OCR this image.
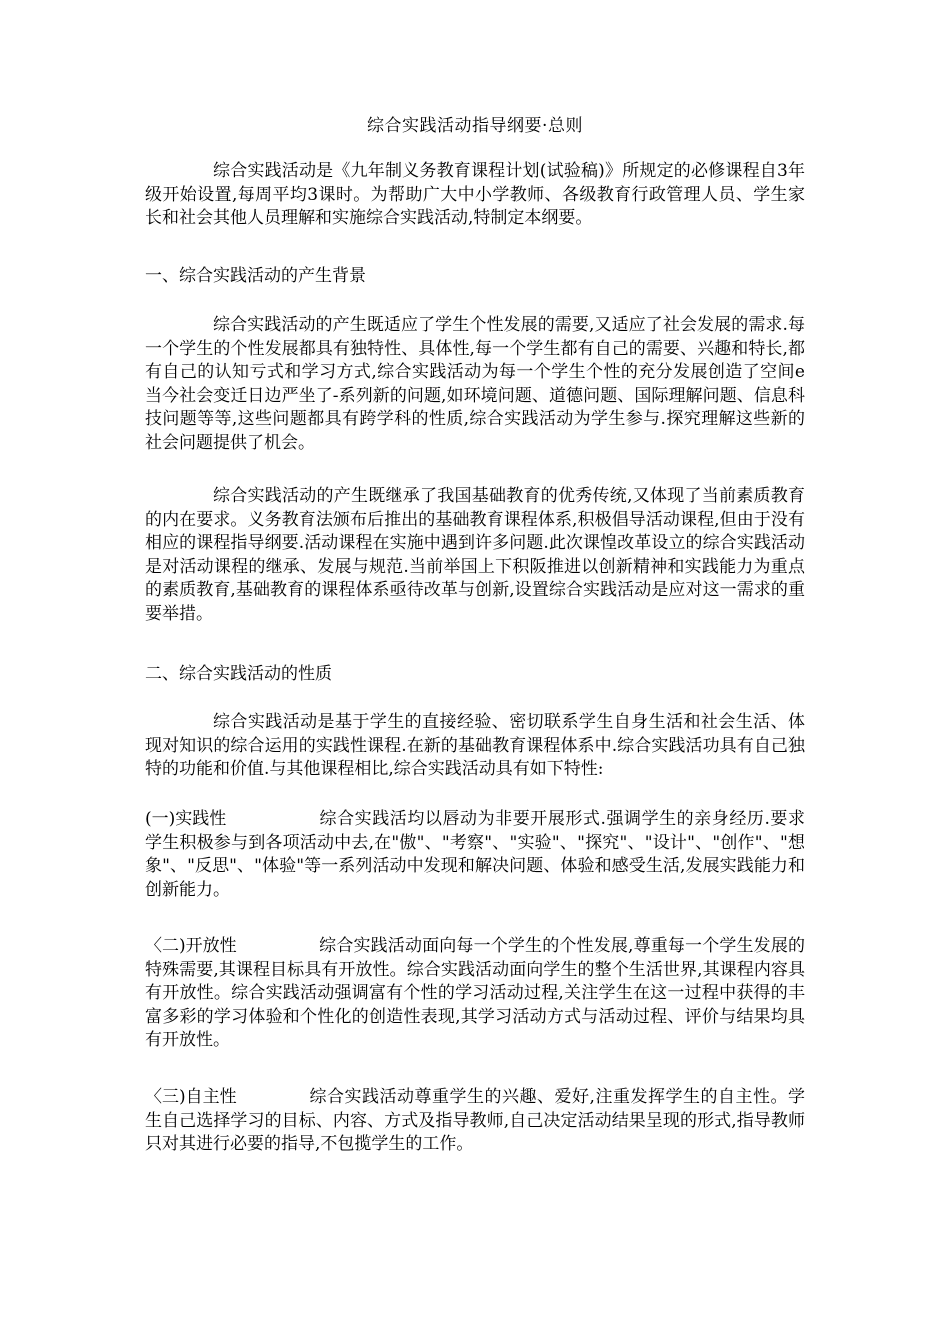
综合实践活动指导纲要·总则
综合实践活动是《九年制义务教育课程计划(试验稿)》所规定的必修课程自3年级开始设置,每周平均3课时。为帮助广大中小学教师、各级教育行政管理人员、学生家长和社会其他人员理解和实施综合实践活动,特制定本纲要。
一、综合实践活动的产生背景
综合实践活动的产生既适应了学生个性发展的需要,又适应了社会发展的需求.每一个学生的个性发展都具有独特性、具体性,每一个学生都有自己的需要、兴趣和特长,都有自己的认知亏式和学习方式,综合实践活动为每一个学生个性的充分发展创造了空间e当今社会变迁日边严坐了-系列新的问题,如环境问题、道德问题、国际理解问题、信息科技问题等等,这些问题都具有跨学科的性质,综合实践活动为学生参与.探究理解这些新的社会问题提供了机会。
综合实践活动的产生既继承了我国基础教育的优秀传统,又体现了当前素质教育的内在要求。义务教育法颁布后推出的基础教育课程体系,积极倡导活动课程,但由于没有相应的课程指导纲要.活动课程在实施中遇到许多问题.此次课惶改革设立的综合实践活动是对活动课程的继承、发展与规范.当前举国上下积阪推进以创新精神和实践能力为重点的素质教育,基础教育的课程体系亟待改革与创新,设置综合实践活动是应对这一需求的重要举措。
二、综合实践活动的性质
综合实践活动是基于学生的直接经验、密切联系学生自身生活和社会生活、体现对知识的综合运用的实践性课程.在新的基础教育课程体系中.综合实践活功具有自己独特的功能和价值.与其他课程相比,综合实践活动具有如下特性:
(一)实践性	综合实践活均以唇动为非要开展形式.强调学生的亲身经历.要求学生积极参与到各项活动中去,在"傲"、"考察"、"实验"、"探究"、"设计"、"创作"、"想象"、"反思"、"体验"等一系列活动中发现和解决问题、体验和感受生活,发展实践能力和创新能力。
〈二)开放性	综合实践活动面向每一个学生的个性发展,尊重每一个学生发展的特殊需要,其课程目标具有开放性。综合实践活动面向学生的整个生活世界,其课程内容具有开放性。综合实践活动强调富有个性的学习活动过程,关注学生在这一过程中获得的丰富多彩的学习体验和个性化的创造性表现,其学习活动方式与活动过程、评价与结果均具有开放性。
〈三)自主性	综合实践活动尊重学生的兴趣、爱好,注重发挥学生的自主性。学生自己选择学习的目标、内容、方式及指导教师,自己决定活动结果呈现的形式,指导教师只对其进行必要的指导,不包揽学生的工作。
